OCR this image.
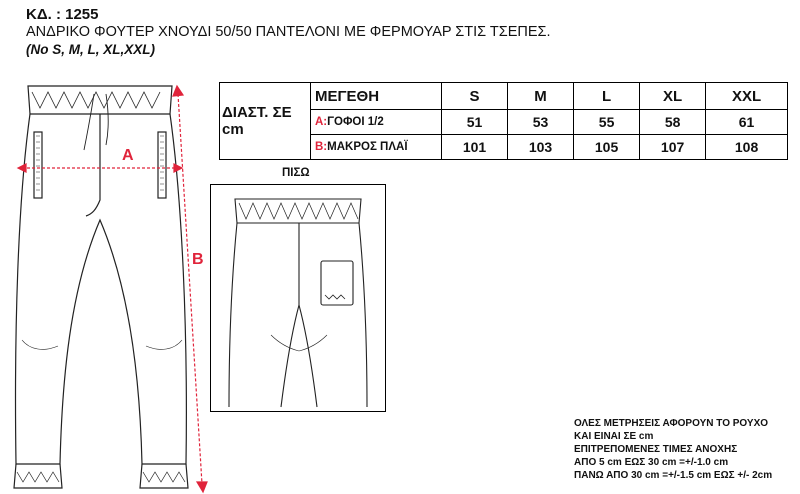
ΚΔ. : 1255
ΑΝΔΡΙΚΟ ΦΟΥΤΕΡ ΧΝΟΥΔΙ 50/50 ΠΑΝΤΕΛΟΝΙ ΜΕ ΦΕΡΜΟΥΑΡ ΣΤΙΣ ΤΣΕΠΕΣ.
(Νο S, M, L, XL,XXL)
ΔΙΑΣΤ. ΣΕ cm	ΜΕΓΕΘΗ	S	M	L	XL	XXL
	A:ΓΟΦΟΙ 1/2	51	53	55	58	61
	B:ΜΑΚΡΟΣ ΠΛΑΪ	101	103	105	107	108
A
B
ΠΙΣΩ
ΟΛΕΣ ΜΕΤΡΗΣΕΙΣ ΑΦΟΡΟΥΝ ΤΟ ΡΟΥΧΟ
ΚΑΙ ΕΙΝΑΙ ΣΕ cm
ΕΠΙΤΡΕΠΟΜΕΝΕΣ ΤΙΜΕΣ ΑΝΟΧΗΣ
ΑΠΟ 5 cm ΕΩΣ 30 cm =+/-1.0 cm
ΠΑΝΩ ΑΠΟ 30 cm =+/-1.5 cm ΕΩΣ +/- 2cm
